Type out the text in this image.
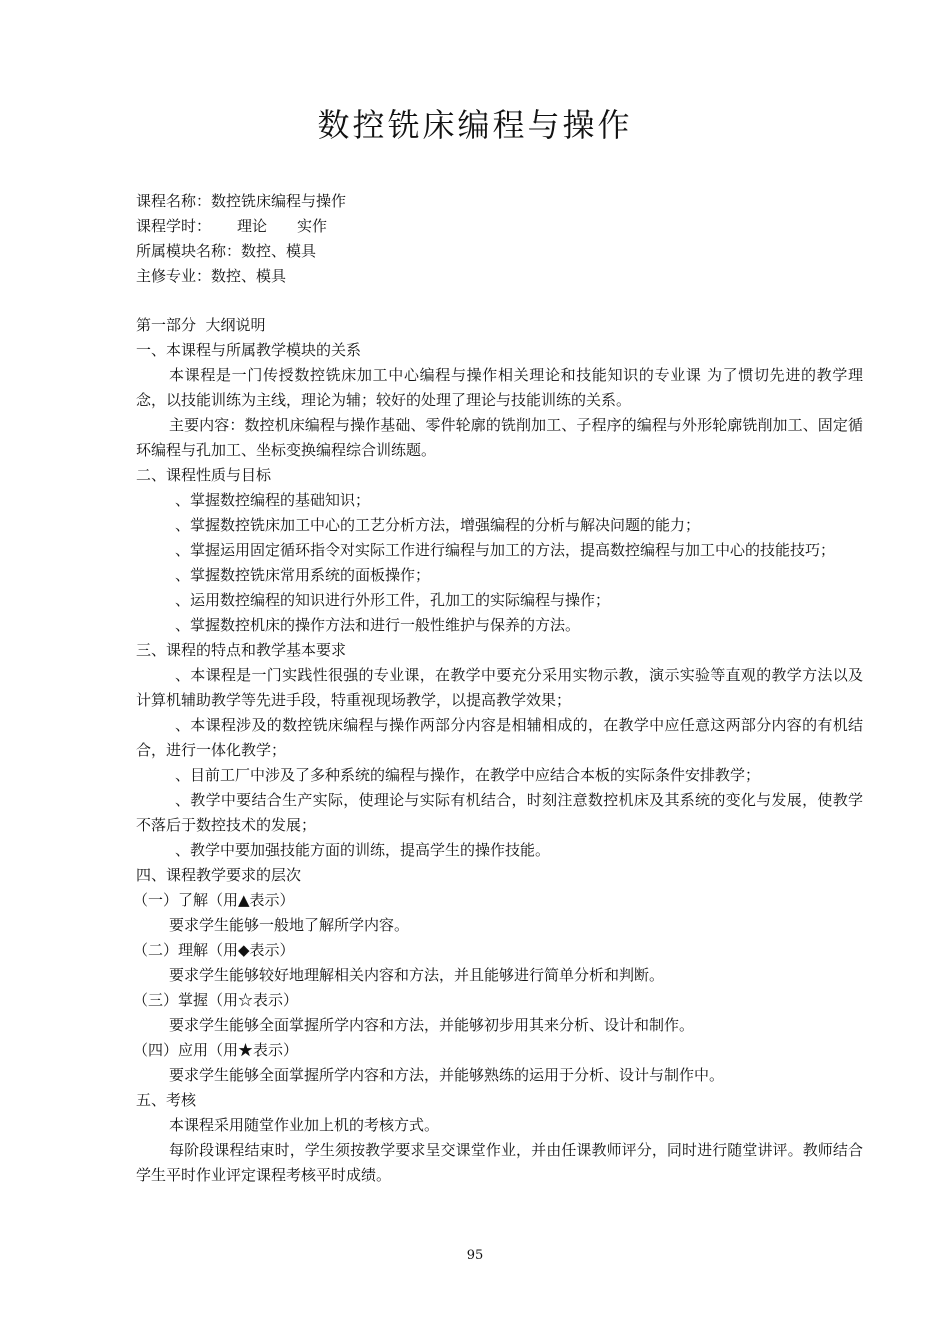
数控铣床编程与操作
课程名称：数控铣床编程与操作
课程学时： 理论 实作
所属模块名称：数控、模具
主修专业：数控、模具

第一部分  大纲说明

一、本课程与所属教学模块的关系

本课程是一门传授数控铣床加工中心编程与操作相关理论和技能知识的专业课 为了惯切先进的教学理念，以技能训练为主线，理论为辅；较好的处理了理论与技能训练的关系。

主要内容：数控机床编程与操作基础、零件轮廓的铣削加工、子程序的编程与外形轮廓铣削加工、固定循环编程与孔加工、坐标变换编程综合训练题。

二、课程性质与目标

、掌握数控编程的基础知识；

、掌握数控铣床加工中心的工艺分析方法，增强编程的分析与解决问题的能力；

、掌握运用固定循环指令对实际工作进行编程与加工的方法，提高数控编程与加工中心的技能技巧；

、掌握数控铣床常用系统的面板操作；

、运用数控编程的知识进行外形工件，孔加工的实际编程与操作；

、掌握数控机床的操作方法和进行一般性维护与保养的方法。

三、课程的特点和教学基本要求

、本课程是一门实践性很强的专业课，在教学中要充分采用实物示教，演示实验等直观的教学方法以及计算机辅助教学等先进手段，特重视现场教学，以提高教学效果；

、本课程涉及的数控铣床编程与操作两部分内容是相辅相成的，在教学中应任意这两部分内容的有机结合，进行一体化教学；

、目前工厂中涉及了多种系统的编程与操作，在教学中应结合本板的实际条件安排教学；

、教学中要结合生产实际，使理论与实际有机结合，时刻注意数控机床及其系统的变化与发展，使教学不落后于数控技术的发展；

、教学中要加强技能方面的训练，提高学生的操作技能。

四、课程教学要求的层次

（一）了解（用▲表示）

要求学生能够一般地了解所学内容。

（二）理解（用◆表示）

要求学生能够较好地理解相关内容和方法，并且能够进行简单分析和判断。

（三）掌握（用☆表示）

要求学生能够全面掌握所学内容和方法，并能够初步用其来分析、设计和制作。

（四）应用（用★表示）

要求学生能够全面掌握所学内容和方法，并能够熟练的运用于分析、设计与制作中。

五、考核

本课程采用随堂作业加上机的考核方式。

每阶段课程结束时，学生须按教学要求呈交课堂作业，并由任课教师评分，同时进行随堂讲评。教师结合学生平时作业评定课程考核平时成绩。

95
